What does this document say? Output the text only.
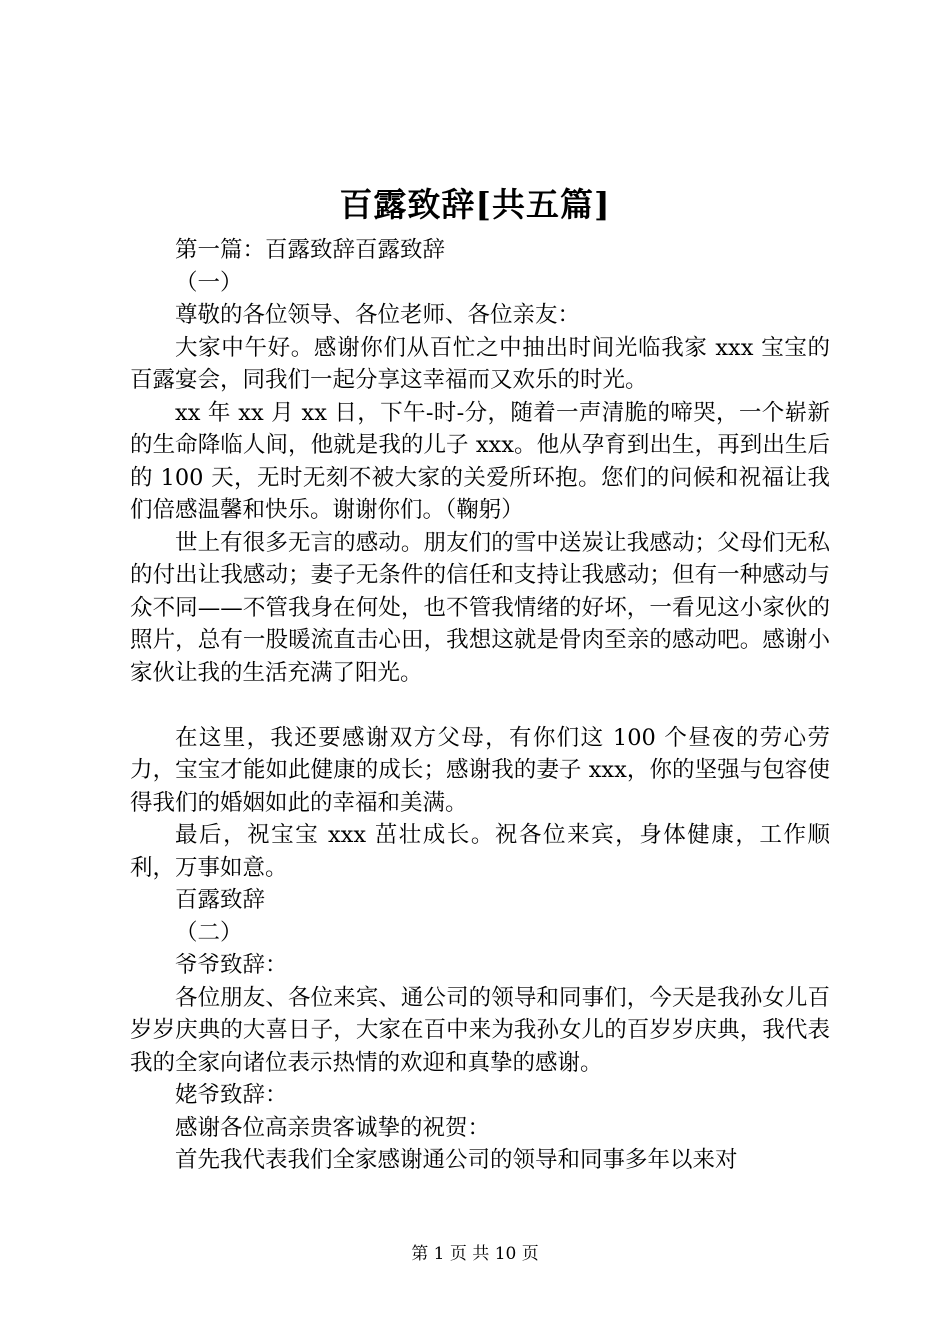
百露致辞[共五篇]

第一篇：百露致辞百露致辞

（一）

尊敬的各位领导、各位老师、各位亲友：

大家中午好。感谢你们从百忙之中抽出时间光临我家 xxx 宝宝的百露宴会，同我们一起分享这幸福而又欢乐的时光。

xx 年 xx 月 xx 日，下午-时-分，随着一声清脆的啼哭，一个崭新的生命降临人间，他就是我的儿子 xxx。他从孕育到出生，再到出生后的 100 天，无时无刻不被大家的关爱所环抱。您们的问候和祝福让我们倍感温馨和快乐。谢谢你们。（鞠躬）

世上有很多无言的感动。朋友们的雪中送炭让我感动；父母们无私的付出让我感动；妻子无条件的信任和支持让我感动；但有一种感动与众不同——不管我身在何处，也不管我情绪的好坏，一看见这小家伙的照片，总有一股暖流直击心田，我想这就是骨肉至亲的感动吧。感谢小家伙让我的生活充满了阳光。

在这里，我还要感谢双方父母，有你们这 100 个昼夜的劳心劳力，宝宝才能如此健康的成长；感谢我的妻子 xxx，你的坚强与包容使得我们的婚姻如此的幸福和美满。

最后，祝宝宝 xxx 茁壮成长。祝各位来宾，身体健康，工作顺利，万事如意。

百露致辞

（二）

爷爷致辞：

各位朋友、各位来宾、通公司的领导和同事们，今天是我孙女儿百岁岁庆典的大喜日子，大家在百中来为我孙女儿的百岁岁庆典，我代表我的全家向诸位表示热情的欢迎和真挚的感谢。

姥爷致辞：

感谢各位高亲贵客诚挚的祝贺：

首先我代表我们全家感谢通公司的领导和同事多年以来对

第 1 页 共 10 页
